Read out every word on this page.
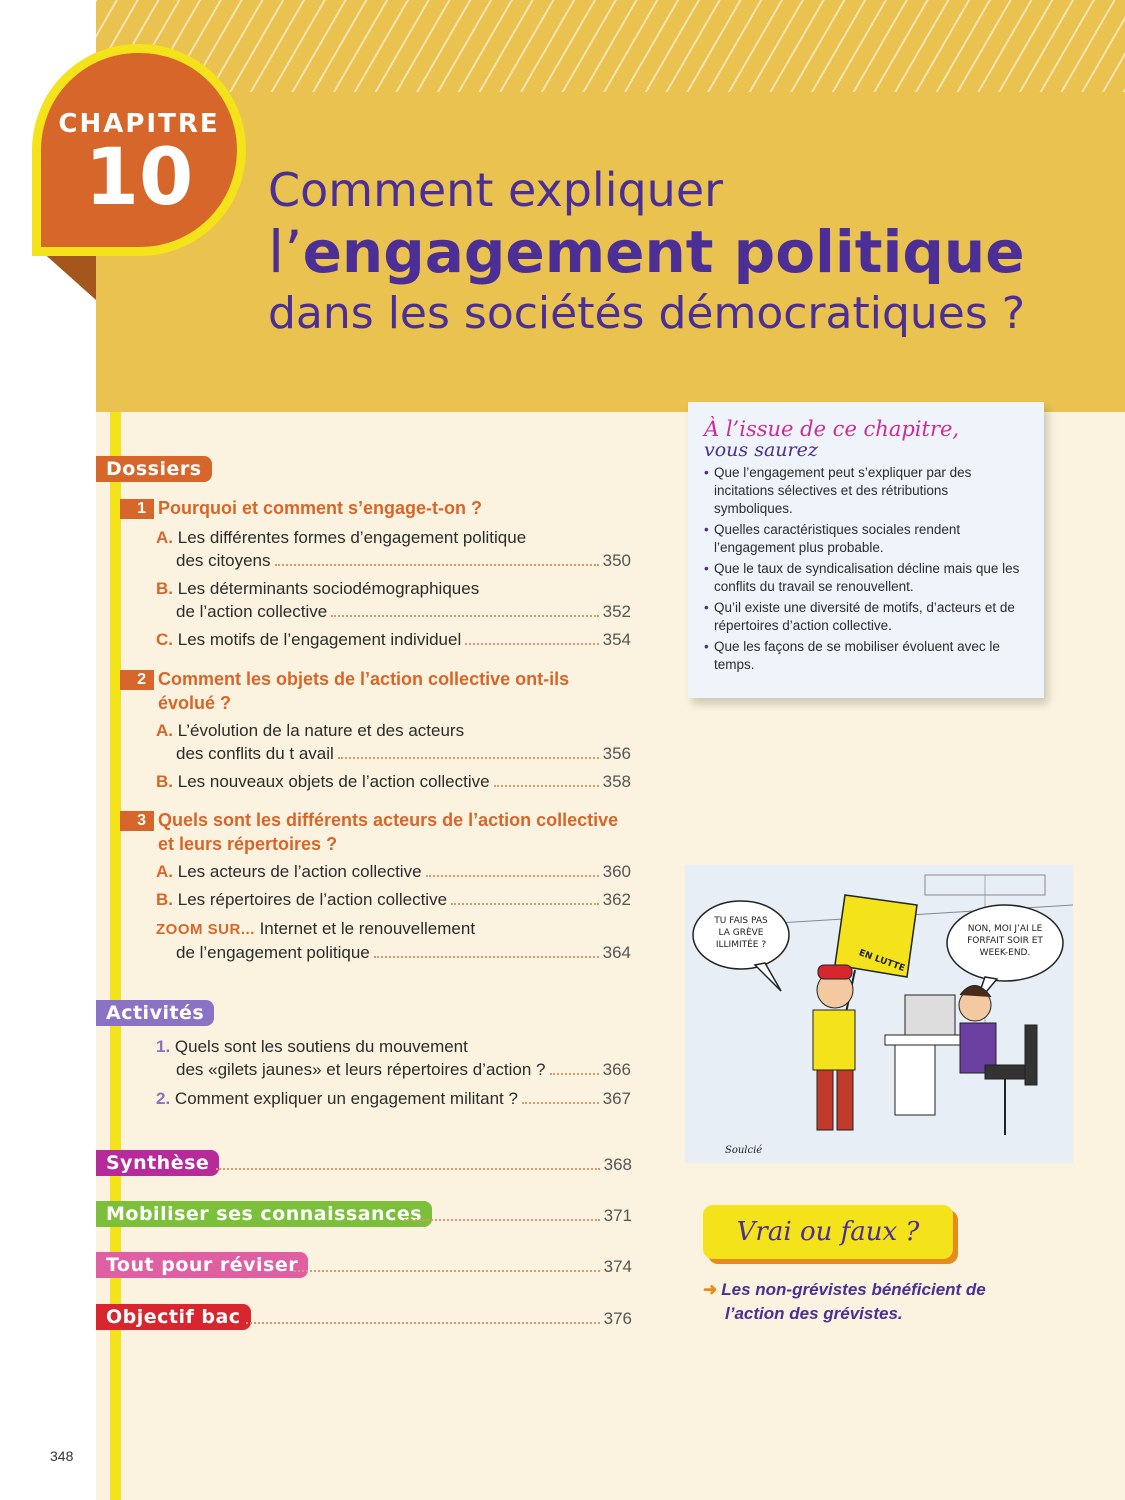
CHAPITRE
10	Comment expliquer
l’engagement politique
dans les sociétés démocratiques ?
Dossiers
1 Pourquoi et comment s’engage-t-on ?
A. Les différentes formes d’engagement politique
des citoyens	350
B. Les déterminants sociodémographiques
de l’action collective	352
C.
Les motifs de l’engagement individuel	354
2 Comment les objets de l’action collective ont-ils
évolué ?
A. L’évolution de la nature et des acteurs
des conflits du t avail	356
B.
Les nouveaux objets de l’action collective	358
3 Quels sont les différents acteurs de l’action collective
et leurs répertoires ?
A.
Les acteurs de l’action collective	360
B.
Les répertoires de l’action collective	362
ZOOM SUR... Internet et le renouvellement
de l’engagement politique	364
Activités
1. Quels sont les soutiens du mouvement
des «gilets jaunes» et leurs répertoires d’action ?	366
2.
Comment expliquer un engagement militant ?	367
Synthèse	368
Mobiliser ses connaissances	371
Tout pour réviser	374
Objectif bac	376
348
À l’issue de ce chapitre,
vous saurez
• Que l’engagement peut s’expliquer par des incitations sélectives et des rétributions symboliques.
• Quelles caractéristiques sociales rendent l’engagement plus probable.
• Que le taux de syndicalisation décline mais que les conflits du travail se renouvellent.
• Qu’il existe une diversité de motifs, d’acteurs et de répertoires d’action collective.
• Que les façons de se mobiliser évoluent avec le temps.
TU FAIS PAS
LA GRÈVE
ILLIMITÉE ?
NON, MOI J’AI LE
FORFAIT SOIR ET
WEEK-END.
EN LUTTE
Soulcié
Vrai ou faux ?
➜ Les non-grévistes bénéficient de
l’action des grévistes.
